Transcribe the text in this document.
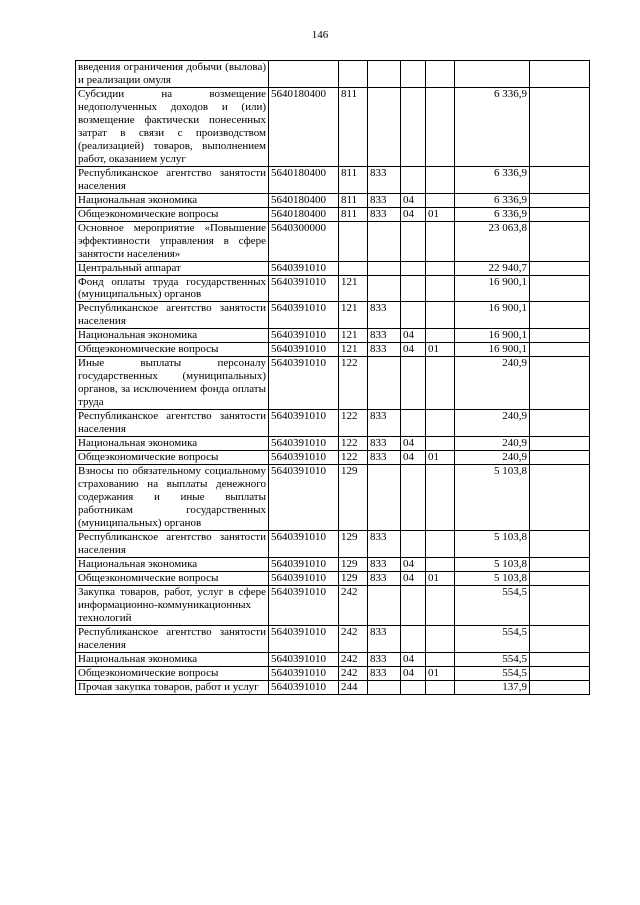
146
введения ограничения добычи (вылова) и реализации омуля							
Субсидии на возмещение недополученных доходов и (или) возмещение фактически понесенных затрат в связи с производством (реализацией) товаров, выполнением работ, оказанием услуг	5640180400	811				6 336,9	
Республиканское агентство занятости населения	5640180400	811	833			6 336,9	
Национальная экономика	5640180400	811	833	04		6 336,9	
Общеэкономические вопросы	5640180400	811	833	04	01	6 336,9	
Основное мероприятие «Повышение эффективности управления в сфере занятости населения»	5640300000					23 063,8	
Центральный аппарат	5640391010					22 940,7	
Фонд оплаты труда государственных (муниципальных) органов	5640391010	121				16 900,1	
Республиканское агентство занятости населения	5640391010	121	833			16 900,1	
Национальная экономика	5640391010	121	833	04		16 900,1	
Общеэкономические вопросы	5640391010	121	833	04	01	16 900,1	
Иные выплаты персоналу государственных (муниципальных) органов, за исключением фонда оплаты труда	5640391010	122				240,9	
Республиканское агентство занятости населения	5640391010	122	833			240,9	
Национальная экономика	5640391010	122	833	04		240,9	
Общеэкономические вопросы	5640391010	122	833	04	01	240,9	
Взносы по обязательному социальному страхованию на выплаты денежного содержания и иные выплаты работникам государственных (муниципальных) органов	5640391010	129				5 103,8	
Республиканское агентство занятости населения	5640391010	129	833			5 103,8	
Национальная экономика	5640391010	129	833	04		5 103,8	
Общеэкономические вопросы	5640391010	129	833	04	01	5 103,8	
Закупка товаров, работ, услуг в сфере информационно-коммуникационных технологий	5640391010	242				554,5	
Республиканское агентство занятости населения	5640391010	242	833			554,5	
Национальная экономика	5640391010	242	833	04		554,5	
Общеэкономические вопросы	5640391010	242	833	04	01	554,5	
Прочая закупка товаров, работ и услуг	5640391010	244				137,9	
